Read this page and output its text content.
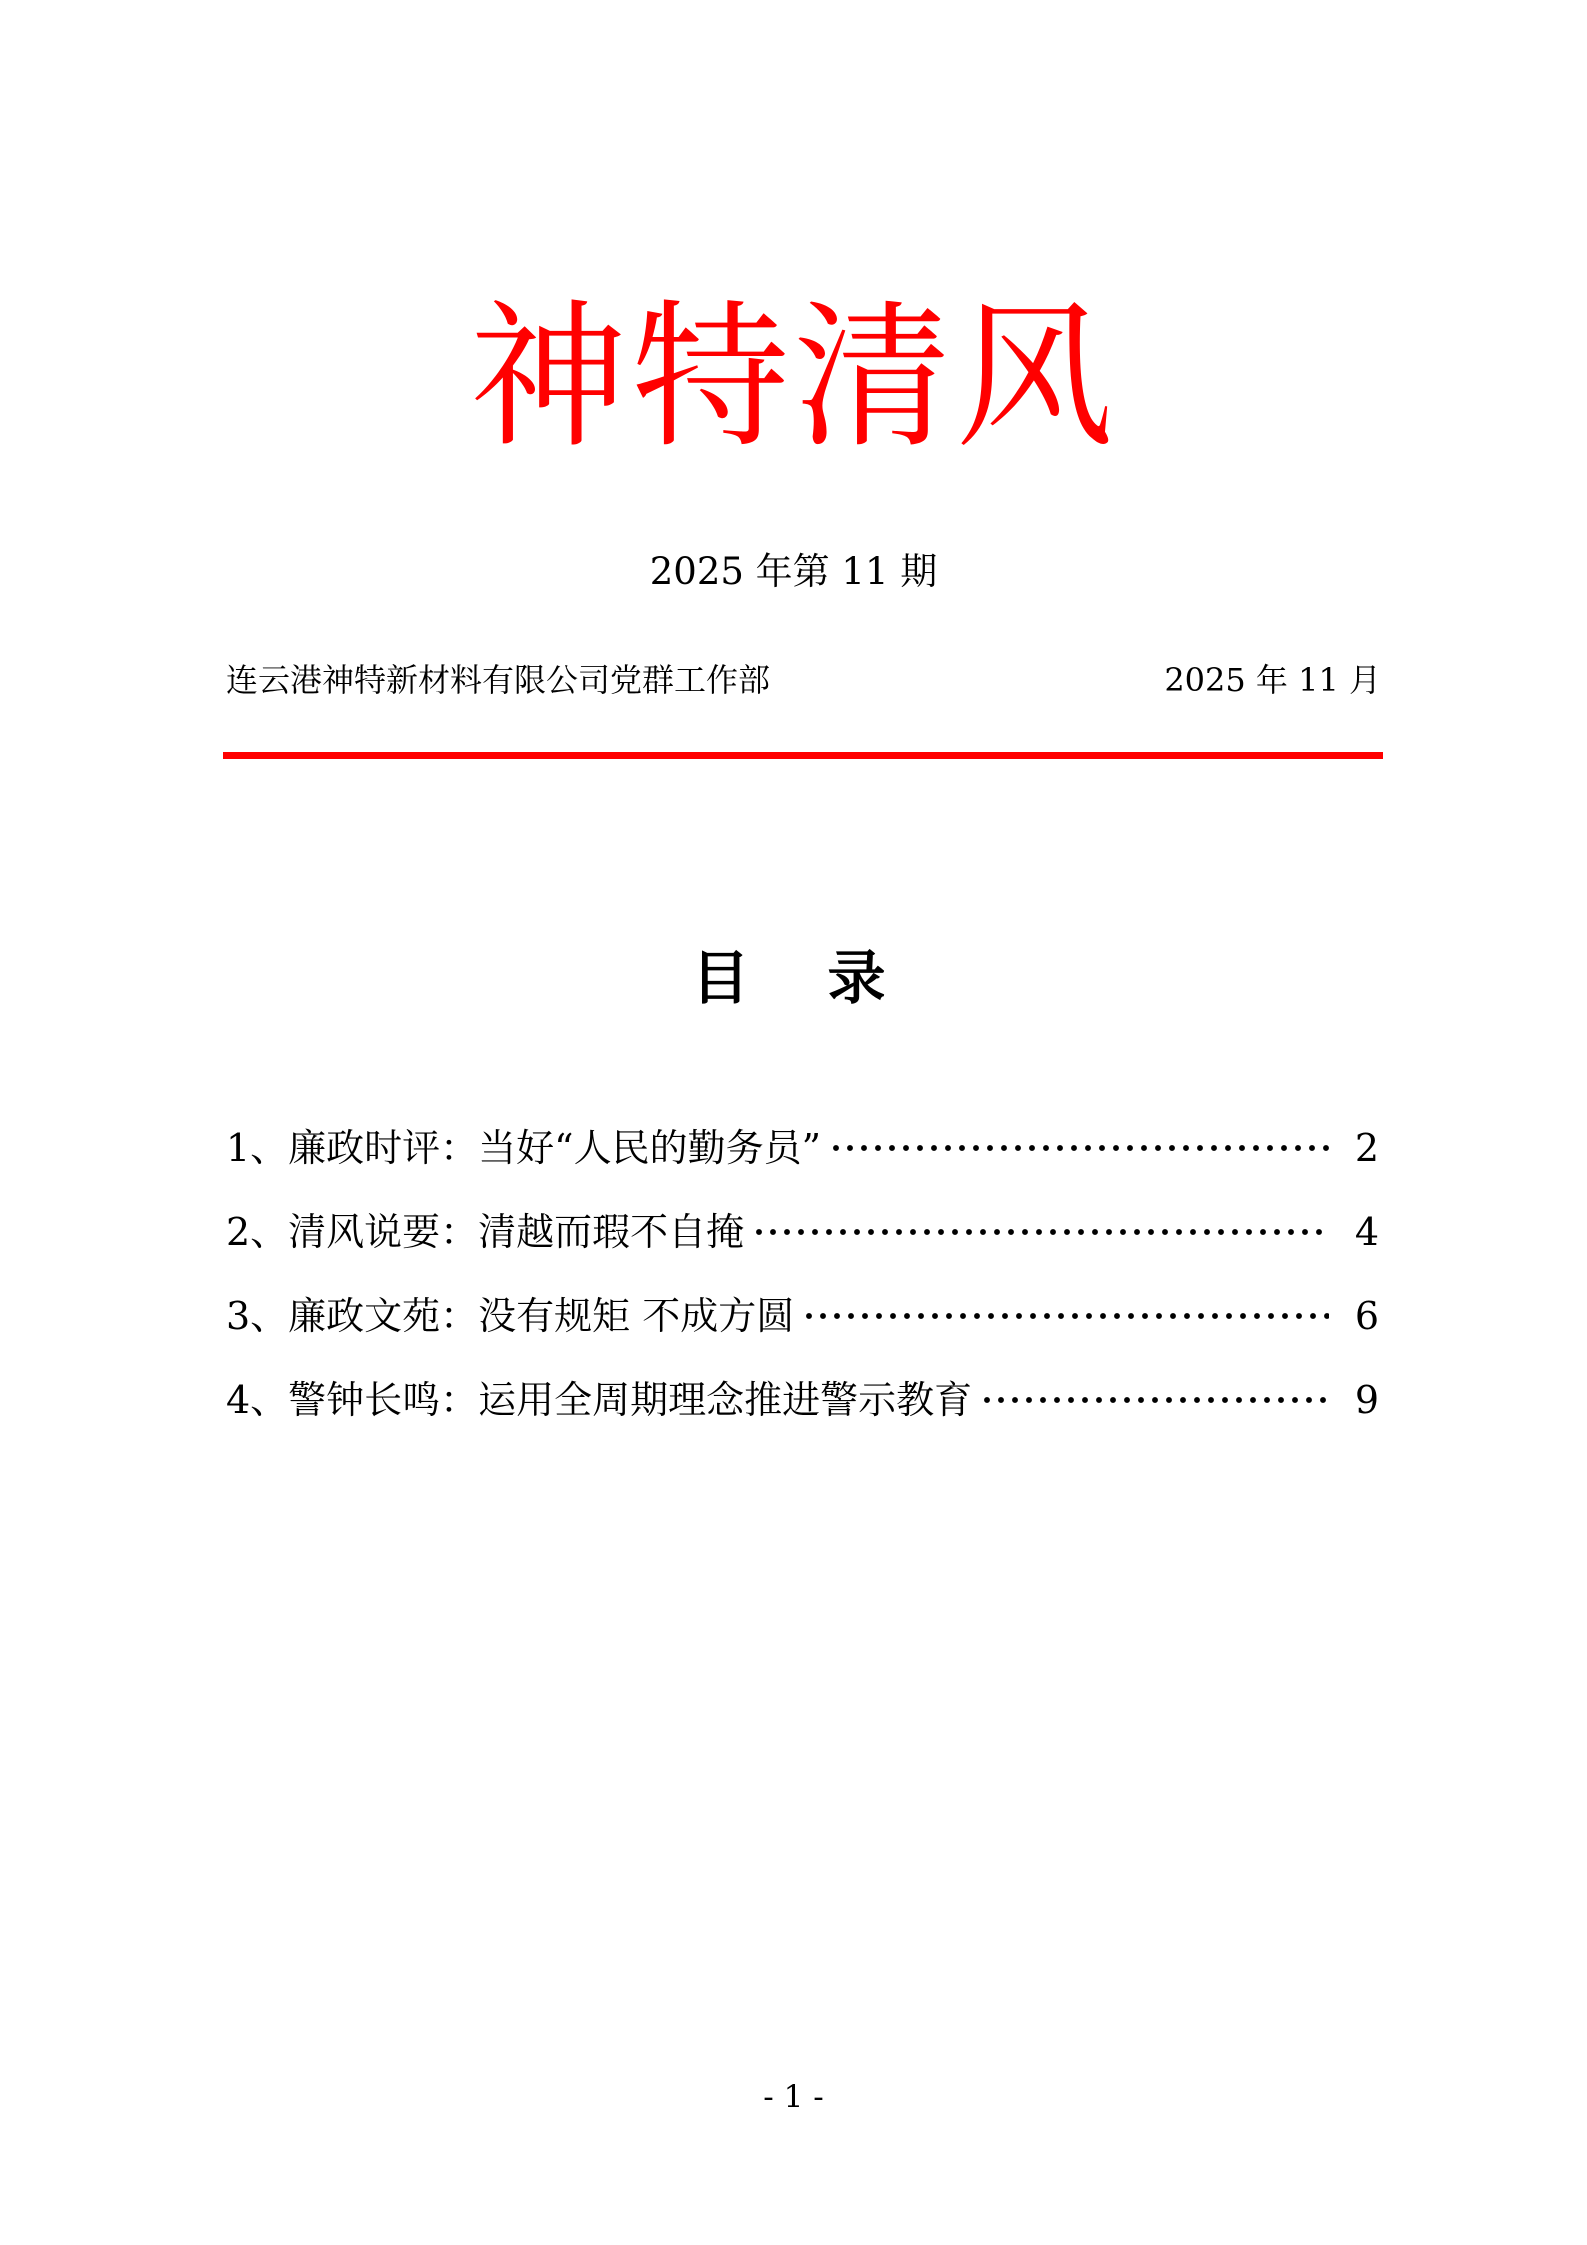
神特清风
2025 年第 11 期
连云港神特新材料有限公司党群工作部	2025 年 11 月
目　录
1、廉政时评：当好“人民的勤务员”	2
2、清风说要：清越而瑕不自掩	4
3、廉政文苑：没有规矩 不成方圆	6
4、警钟长鸣：运用全周期理念推进警示教育	9
- 1 -
